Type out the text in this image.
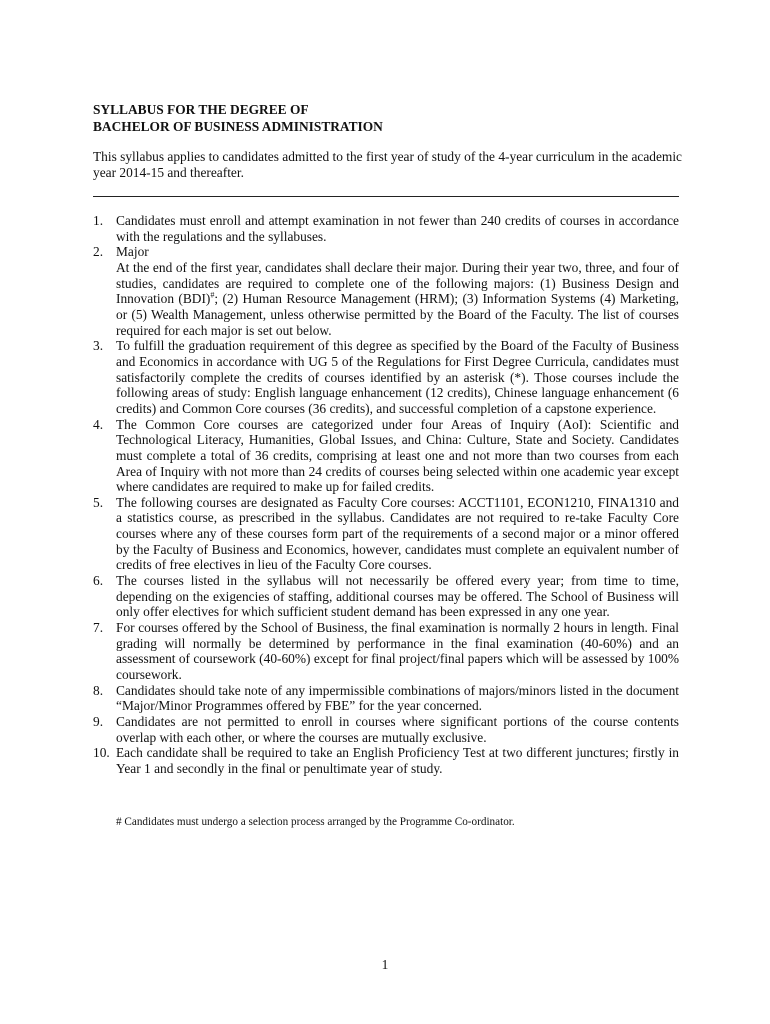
SYLLABUS FOR THE DEGREE OF
BACHELOR OF BUSINESS ADMINISTRATION
This syllabus applies to candidates admitted to the first year of study of the 4-year curriculum in the academic year 2014-15 and thereafter.
1. Candidates must enroll and attempt examination in not fewer than 240 credits of courses in accordance with the regulations and the syllabuses.
2. Major

At the end of the first year, candidates shall declare their major. During their year two, three, and four of studies, candidates are required to complete one of the following majors: (1) Business Design and Innovation (BDI)#; (2) Human Resource Management (HRM); (3) Information Systems (4) Marketing, or (5) Wealth Management, unless otherwise permitted by the Board of the Faculty. The list of courses required for each major is set out below.

3. To fulfill the graduation requirement of this degree as specified by the Board of the Faculty of Business and Economics in accordance with UG 5 of the Regulations for First Degree Curricula, candidates must satisfactorily complete the credits of courses identified by an asterisk (*). Those courses include the following areas of study: English language enhancement (12 credits), Chinese language enhancement (6 credits) and Common Core courses (36 credits), and successful completion of a capstone experience.
4. The Common Core courses are categorized under four Areas of Inquiry (AoI): Scientific and Technological Literacy, Humanities, Global Issues, and China: Culture, State and Society. Candidates must complete a total of 36 credits, comprising at least one and not more than two courses from each Area of Inquiry with not more than 24 credits of courses being selected within one academic year except where candidates are required to make up for failed credits.
5. The following courses are designated as Faculty Core courses: ACCT1101, ECON1210, FINA1310 and a statistics course, as prescribed in the syllabus. Candidates are not required to re-take Faculty Core courses where any of these courses form part of the requirements of a second major or a minor offered by the Faculty of Business and Economics, however, candidates must complete an equivalent number of credits of free electives in lieu of the Faculty Core courses.
6. The courses listed in the syllabus will not necessarily be offered every year; from time to time, depending on the exigencies of staffing, additional courses may be offered. The School of Business will only offer electives for which sufficient student demand has been expressed in any one year.
7. For courses offered by the School of Business, the final examination is normally 2 hours in length. Final grading will normally be determined by performance in the final examination (40-60%) and an assessment of coursework (40-60%) except for final project/final papers which will be assessed by 100% coursework.
8. Candidates should take note of any impermissible combinations of majors/minors listed in the document “Major/Minor Programmes offered by FBE” for the year concerned.
9. Candidates are not permitted to enroll in courses where significant portions of the course contents overlap with each other, or where the courses are mutually exclusive.
10. Each candidate shall be required to take an English Proficiency Test at two different junctures; firstly in Year 1 and secondly in the final or penultimate year of study.
# Candidates must undergo a selection process arranged by the Programme Co-ordinator.
1
